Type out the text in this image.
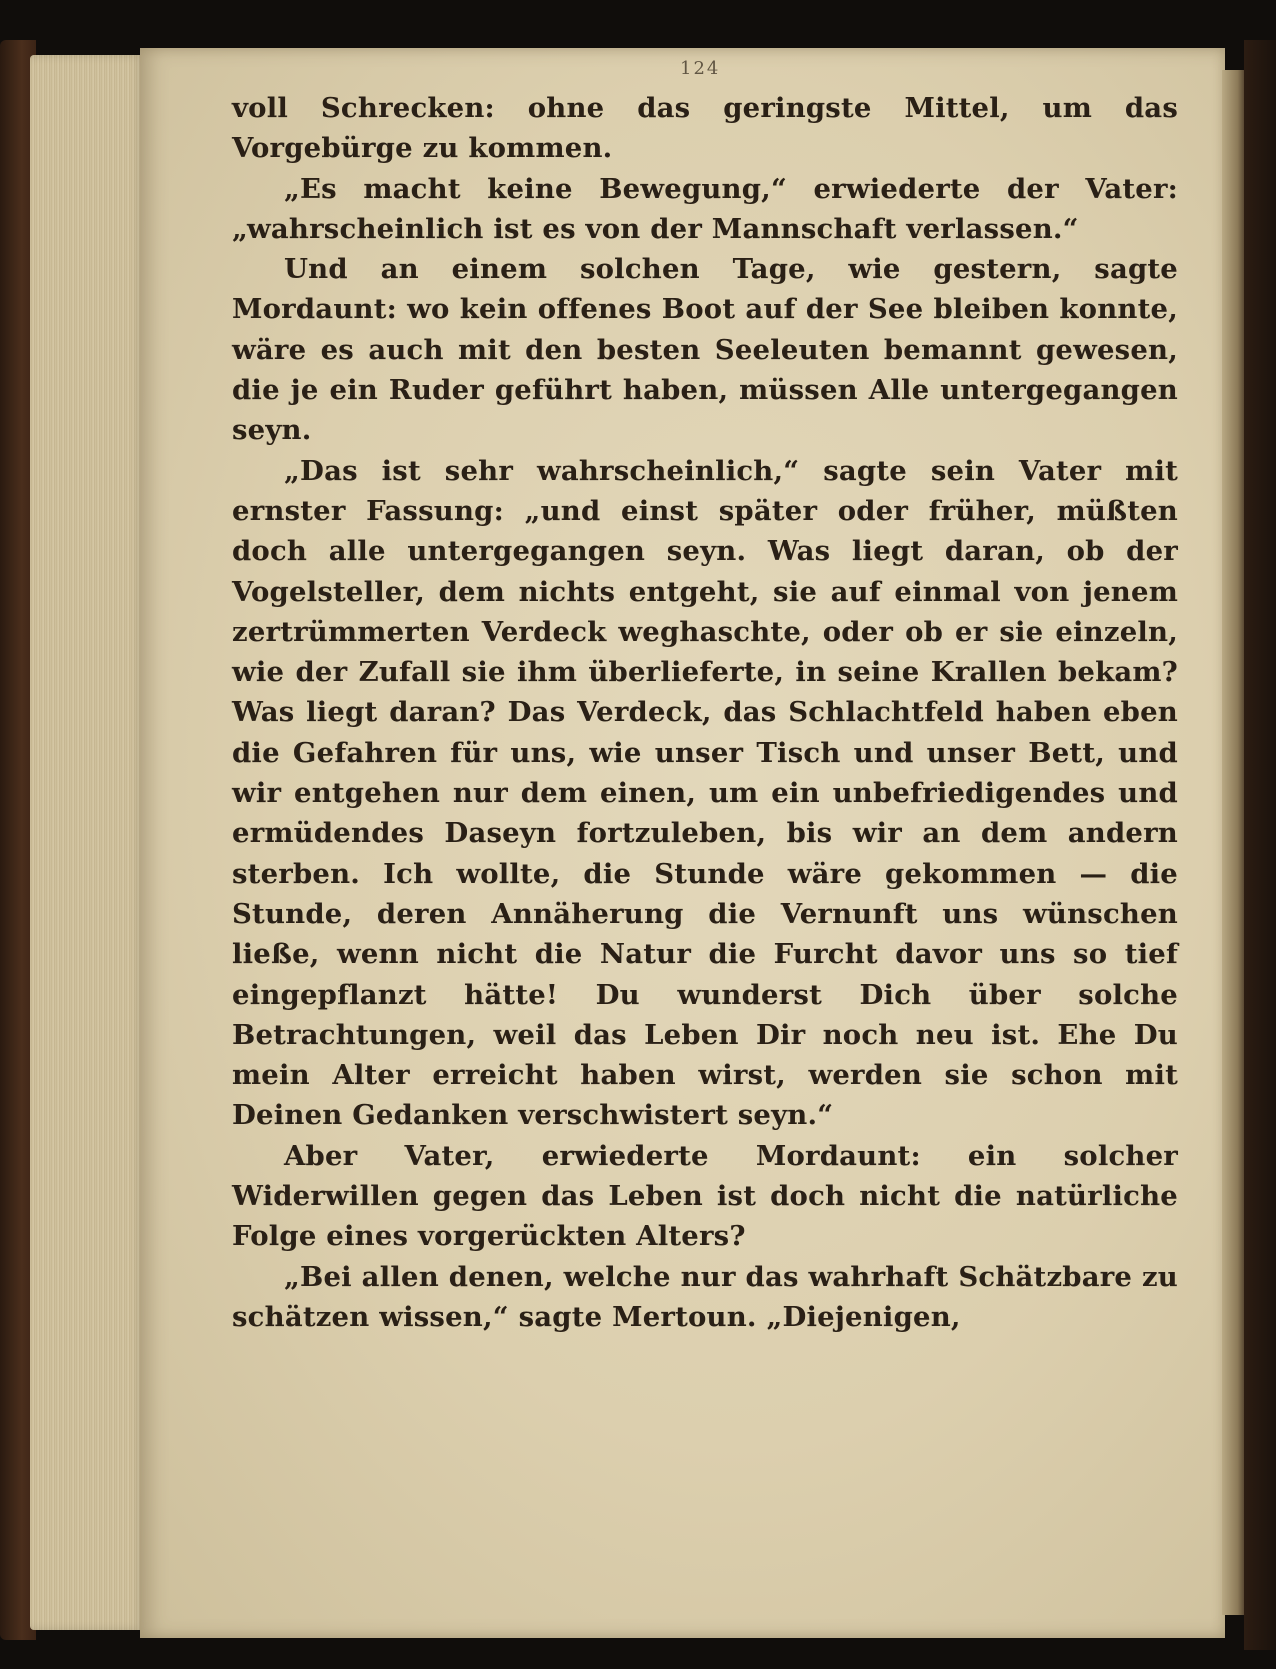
124

voll Schrecken: ohne das geringste Mittel, um das Vorgebürge zu kommen.

„Es macht keine Bewegung,“ erwiederte der Vater: „wahrscheinlich ist es von der Mannschaft verlassen.“

Und an einem solchen Tage, wie gestern, sagte Mordaunt: wo kein offenes Boot auf der See bleiben konnte, wäre es auch mit den besten Seeleuten bemannt gewesen, die je ein Ruder geführt haben, müssen Alle untergegangen seyn.

„Das ist sehr wahrscheinlich,“ sagte sein Vater mit ernster Fassung: „und einst später oder früher, müßten doch alle untergegangen seyn. Was liegt daran, ob der Vogelsteller, dem nichts entgeht, sie auf einmal von jenem zertrümmerten Verdeck weghaschte, oder ob er sie einzeln, wie der Zufall sie ihm überlieferte, in seine Krallen bekam? Was liegt daran? Das Verdeck, das Schlachtfeld haben eben die Gefahren für uns, wie unser Tisch und unser Bett, und wir entgehen nur dem einen, um ein unbefriedigendes und ermüdendes Daseyn fortzuleben, bis wir an dem andern sterben. Ich wollte, die Stunde wäre gekommen — die Stunde, deren Annäherung die Vernunft uns wünschen ließe, wenn nicht die Natur die Furcht davor uns so tief eingepflanzt hätte! Du wunderst Dich über solche Betrachtungen, weil das Leben Dir noch neu ist. Ehe Du mein Alter erreicht haben wirst, werden sie schon mit Deinen Gedanken verschwistert seyn.“

Aber Vater, erwiederte Mordaunt: ein solcher Widerwillen gegen das Leben ist doch nicht die natürliche Folge eines vorgerückten Alters?

„Bei allen denen, welche nur das wahrhaft Schätzbare zu schätzen wissen,“ sagte Mertoun. „Diejenigen,
